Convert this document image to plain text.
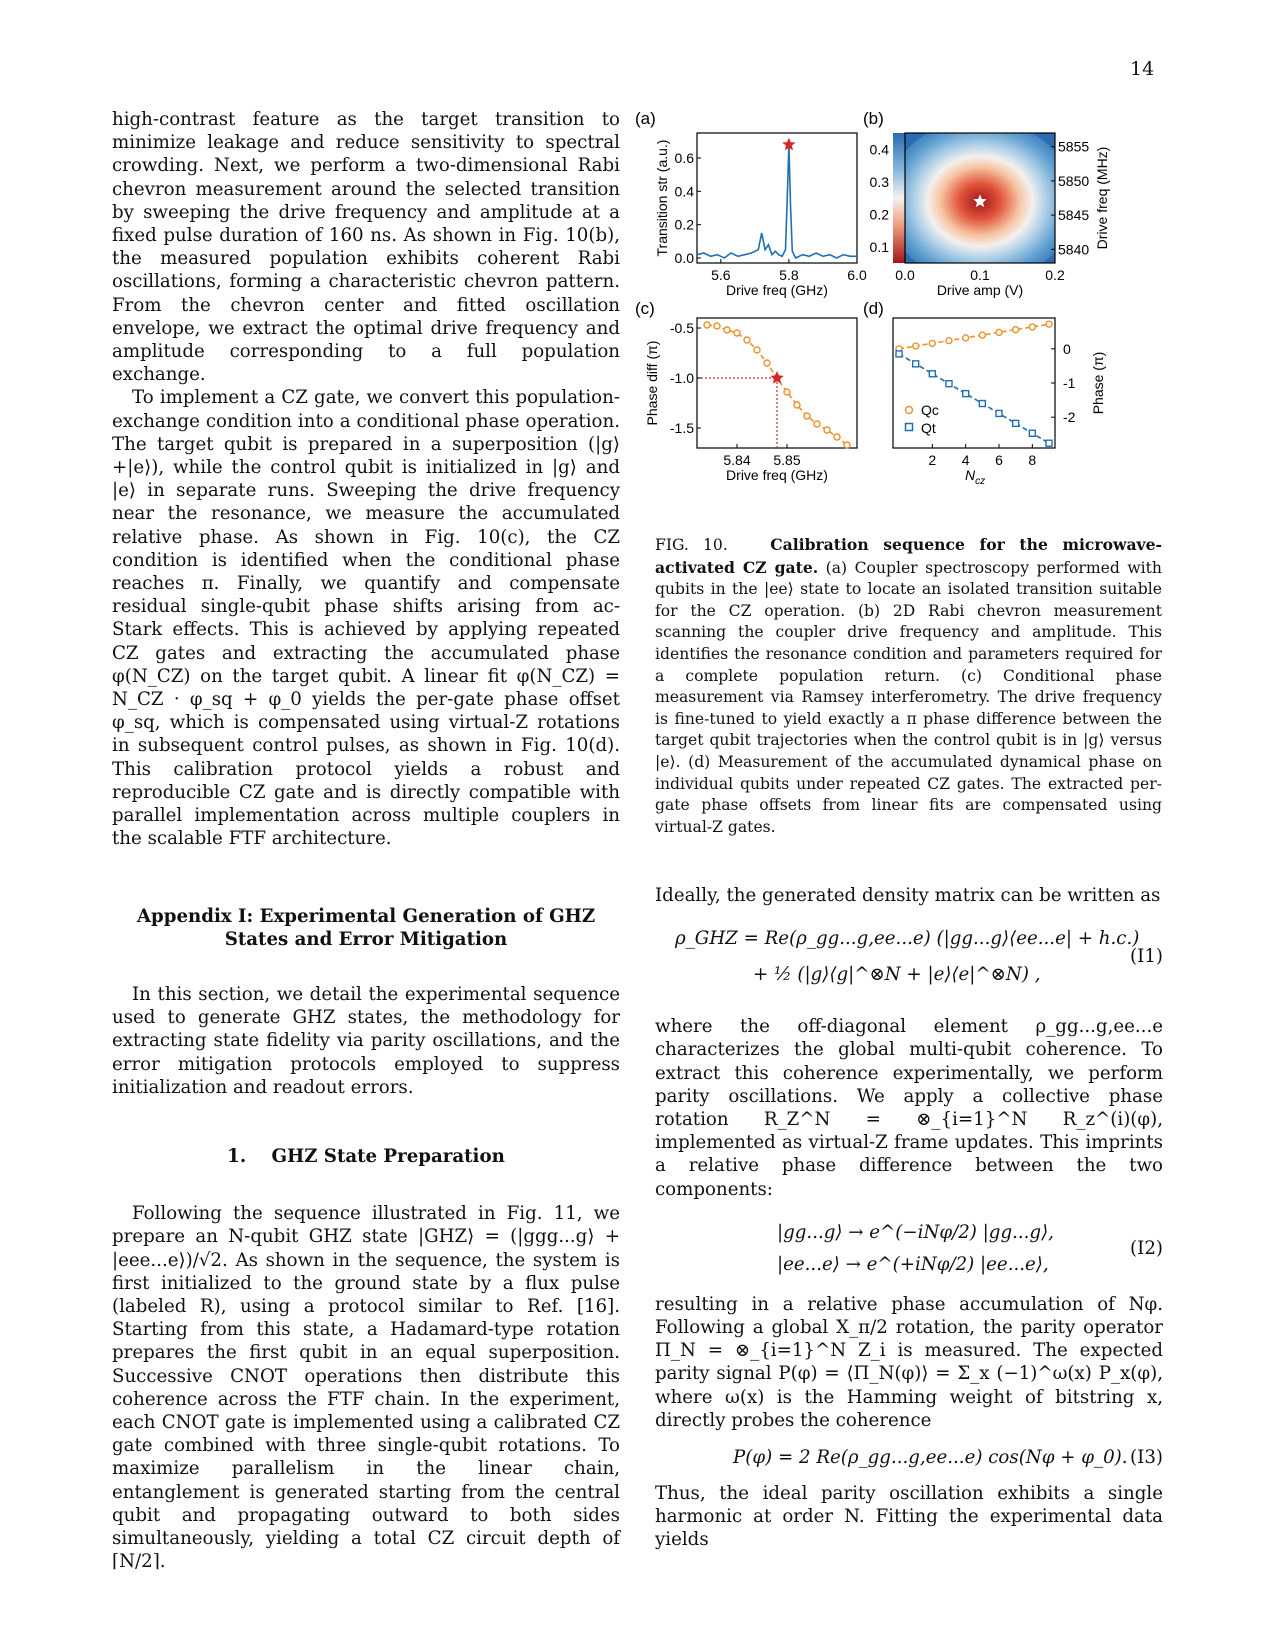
14

high-contrast feature as the target transition to minimize leakage and reduce sensitivity to spectral crowding. Next, we perform a two-dimensional Rabi chevron measurement around the selected transition by sweeping the drive frequency and amplitude at a fixed pulse duration of 160 ns. As shown in Fig. 10(b), the measured population exhibits coherent Rabi oscillations, forming a characteristic chevron pattern. From the chevron center and fitted oscillation envelope, we extract the optimal drive frequency and amplitude corresponding to a full population exchange.

To implement a CZ gate, we convert this population-exchange condition into a conditional phase operation. The target qubit is prepared in a superposition (|g⟩+|e⟩), while the control qubit is initialized in |g⟩ and |e⟩ in separate runs. Sweeping the drive frequency near the resonance, we measure the accumulated relative phase. As shown in Fig. 10(c), the CZ condition is identified when the conditional phase reaches π. Finally, we quantify and compensate residual single-qubit phase shifts arising from ac-Stark effects. This is achieved by applying repeated CZ gates and extracting the accumulated phase φ(N_CZ) on the target qubit. A linear fit φ(N_CZ) = N_CZ · φ_sq + φ_0 yields the per-gate phase offset φ_sq, which is compensated using virtual-Z rotations in subsequent control pulses, as shown in Fig. 10(d). This calibration protocol yields a robust and reproducible CZ gate and is directly compatible with parallel implementation across multiple couplers in the scalable FTF architecture.

Appendix I: Experimental Generation of GHZ

States and Error Mitigation

In this section, we detail the experimental sequence used to generate GHZ states, the methodology for extracting state fidelity via parity oscillations, and the error mitigation protocols employed to suppress initialization and readout errors.

1.    GHZ State Preparation

Following the sequence illustrated in Fig. 11, we prepare an N-qubit GHZ state |GHZ⟩ = (|ggg...g⟩ + |eee...e⟩)/√2. As shown in the sequence, the system is first initialized to the ground state by a flux pulse (labeled R), using a protocol similar to Ref. [16]. Starting from this state, a Hadamard-type rotation prepares the first qubit in an equal superposition. Successive CNOT operations then distribute this coherence across the FTF chain. In the experiment, each CNOT gate is implemented using a calibrated CZ gate combined with three single-qubit rotations. To maximize parallelism in the linear chain, entanglement is generated starting from the central qubit and propagating outward to both sides simultaneously, yielding a total CZ circuit depth of ⌈N/2⌉.

(a)	(b)
(c)	(d)
0.0
0.2
0.4
0.6
5.6	5.8	6.0
Drive freq (GHz)
Transition str (a.u.)	0.1
0.2
0.3
0.4
0.0	0.1	0.2
5840
5845
5850
5855
Drive amp (V)
Drive freq (MHz)
-0.5
-1.0
-1.5
5.84 5.85
Drive freq (GHz)
Phase diff (π)	0
-1
-2
2 4 6 8
Qc
Qt
$N_{cz}$
Phase (π)
FIG. 10.	Calibration sequence for the microwave-activated CZ gate. (a) Coupler spectroscopy performed with qubits in the |ee⟩ state to locate an isolated transition suitable for the CZ operation. (b) 2D Rabi chevron measurement scanning the coupler drive frequency and amplitude. This identifies the resonance condition and parameters required for a complete population return. (c) Conditional phase measurement via Ramsey interferometry. The drive frequency is fine-tuned to yield exactly a π phase difference between the target qubit trajectories when the control qubit is in |g⟩ versus |e⟩. (d) Measurement of the accumulated dynamical phase on individual qubits under repeated CZ gates. The extracted per-gate phase offsets from linear fits are compensated using virtual-Z gates.

Ideally, the generated density matrix can be written as

ρ_GHZ = Re(ρ_gg...g,ee...e) (|gg...g⟩⟨ee...e| + h.c.)
+ ½ (|g⟩⟨g|^⊗N + |e⟩⟨e|^⊗N) ,
(I1)

where the off-diagonal element ρ_gg...g,ee...e characterizes the global multi-qubit coherence. To extract this coherence experimentally, we perform parity oscillations. We apply a collective phase rotation R_Z^N = ⊗_{i=1}^N R_z^(i)(φ), implemented as virtual-Z frame updates. This imprints a relative phase difference between the two components:

|gg...g⟩ → e^(−iNφ/2) |gg...g⟩,
|ee...e⟩ → e^(+iNφ/2) |ee...e⟩,
(I2)

resulting in a relative phase accumulation of Nφ. Following a global X_π/2 rotation, the parity operator Π_N = ⊗_{i=1}^N Z_i is measured. The expected parity signal P(φ) = ⟨Π_N(φ)⟩ = Σ_x (−1)^ω(x) P_x(φ), where ω(x) is the Hamming weight of bitstring x, directly probes the coherence

P(φ) = 2 Re(ρ_gg...g,ee...e) cos(Nφ + φ_0). (I3)

Thus, the ideal parity oscillation exhibits a single harmonic at order N. Fitting the experimental data yields
